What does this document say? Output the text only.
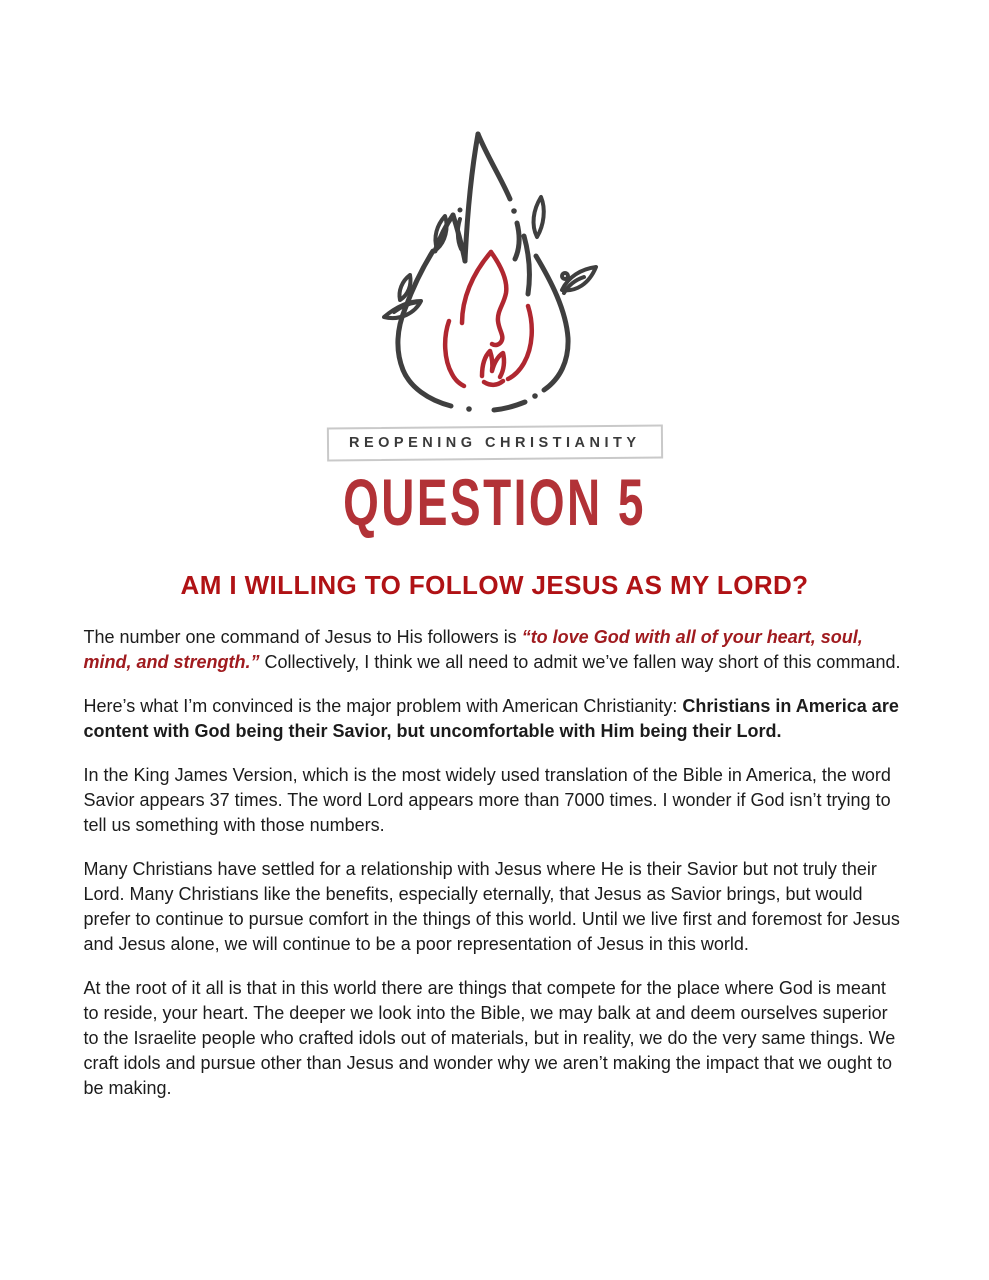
REOPENING CHRISTIANITY
QUESTION 5
AM I WILLING TO FOLLOW JESUS AS MY LORD?

The number one command of Jesus to His followers is “to love God with all of your heart, soul, mind, and strength.” Collectively, I think we all need to admit we’ve fallen way short of this command.

Here’s what I’m convinced is the major problem with American Christianity: Christians in America are content with God being their Savior, but uncomfortable with Him being their Lord.

In the King James Version, which is the most widely used translation of the Bible in America, the word Savior appears 37 times. The word Lord appears more than 7000 times. I wonder if God isn’t trying to tell us something with those numbers.

Many Christians have settled for a relationship with Jesus where He is their Savior but not truly their Lord. Many Christians like the benefits, especially eternally, that Jesus as Savior brings, but would prefer to continue to pursue comfort in the things of this world. Until we live first and foremost for Jesus and Jesus alone, we will continue to be a poor representation of Jesus in this world.

At the root of it all is that in this world there are things that compete for the place where God is meant to reside, your heart. The deeper we look into the Bible, we may balk at and deem ourselves superior to the Israelite people who crafted idols out of materials, but in reality, we do the very same things. We craft idols and pursue other than Jesus and wonder why we aren’t making the impact that we ought to be making.
